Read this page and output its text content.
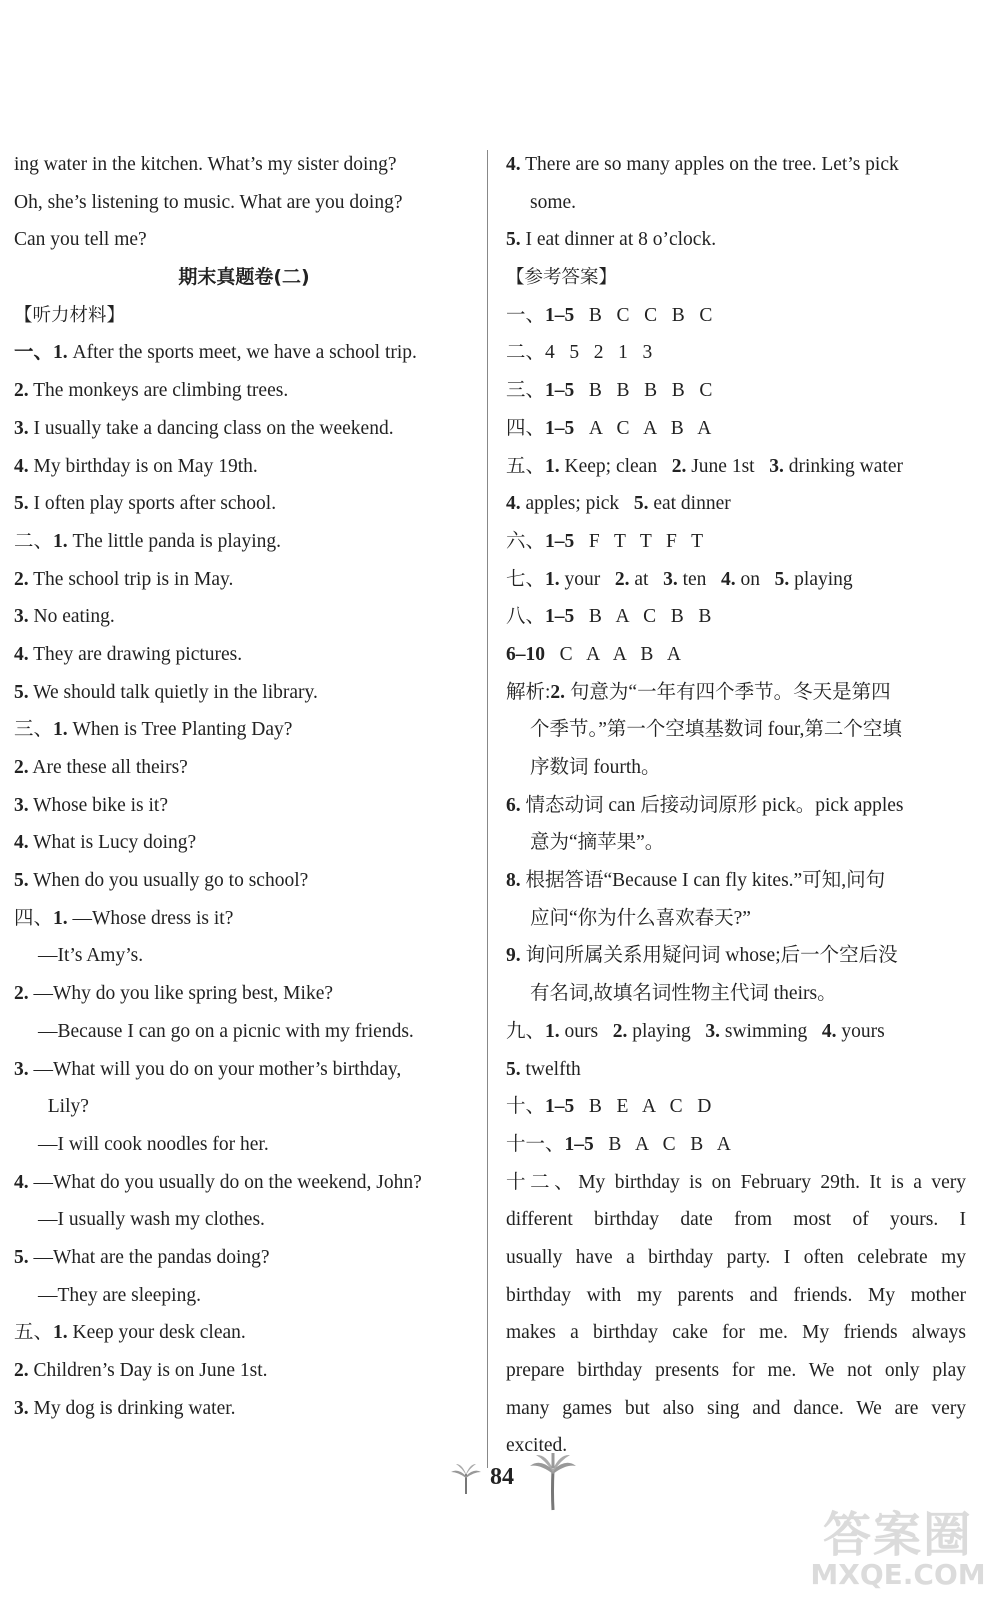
ing water in the kitchen. What’s my sister doing?
Oh, she’s listening to music. What are you doing?
Can you tell me?
期末真题卷(二)
【听力材料】
一、1. After the sports meet, we have a school trip.
2. The monkeys are climbing trees.
3. I usually take a dancing class on the weekend.
4. My birthday is on May 19th.
5. I often play sports after school.
二、1. The little panda is playing.
2. The school trip is in May.
3. No eating.
4. They are drawing pictures.
5. We should talk quietly in the library.
三、1. When is Tree Planting Day?
2. Are these all theirs?
3. Whose bike is it?
4. What is Lucy doing?
5. When do you usually go to school?
四、1. —Whose dress is it?
—It’s Amy’s.
2. —Why do you like spring best, Mike?
—Because I can go on a picnic with my friends.
3. —What will you do on your mother’s birthday,
Lily?
—I will cook noodles for her.
4. —What do you usually do on the weekend, John?
—I usually wash my clothes.
5. —What are the pandas doing?
—They are sleeping.
五、1. Keep your desk clean.
2. Children’s Day is on June 1st.
3. My dog is drinking water.
4. There are so many apples on the tree. Let’s pick
some.
5. I eat dinner at 8 o’clock.
【参考答案】
一、1–5   B   C   C   B   C
二、4   5   2   1   3
三、1–5   B   B   B   B   C
四、1–5   A   C   A   B   A
五、1. Keep; clean   2. June 1st   3. drinking water
4. apples; pick   5. eat dinner
六、1–5   F   T   T   F   T
七、1. your   2. at   3. ten   4. on   5. playing
八、1–5   B   A   C   B   B
6–10   C   A   A   B   A
解析:2. 句意为“一年有四个季节。冬天是第四
个季节。”第一个空填基数词 four,第二个空填
序数词 fourth。
6. 情态动词 can 后接动词原形 pick。pick apples
意为“摘苹果”。
8. 根据答语“Because I can fly kites.”可知,问句
应问“你为什么喜欢春天?”
9. 询问所属关系用疑问词 whose;后一个空后没
有名词,故填名词性物主代词 theirs。
九、1. ours   2. playing   3. swimming   4. yours
5. twelfth
十、1–5   B   E   A   C   D
十一、1–5   B   A   C   B   A
十二、My birthday is on February 29th. It is a very
different birthday date from most of yours. I
usually have a birthday party. I often celebrate my
birthday with my parents and friends. My mother
makes a birthday cake for me. My friends always
prepare birthday presents for me. We not only play
many games but also sing and dance. We are very
excited.
84
答案圈
MXQE.COM
